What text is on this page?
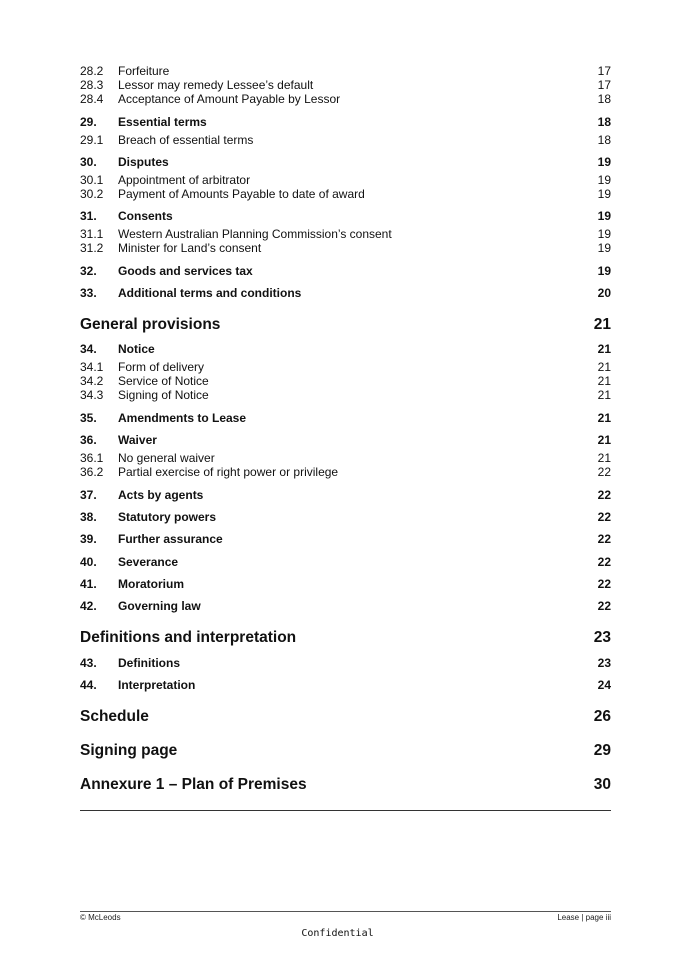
28.2 Forfeiture	17
28.3 Lessor may remedy Lessee’s default	17
28.4 Acceptance of Amount Payable by Lessor	18
29. Essential terms	18
29.1 Breach of essential terms	18
30. Disputes	19
30.1 Appointment of arbitrator	19
30.2 Payment of Amounts Payable to date of award	19
31. Consents	19
31.1 Western Australian Planning Commission’s consent	19
31.2 Minister for Land’s consent	19
32. Goods and services tax	19
33. Additional terms and conditions	20
General provisions	21
34. Notice	21
34.1 Form of delivery	21
34.2 Service of Notice	21
34.3 Signing of Notice	21
35. Amendments to Lease	21
36. Waiver	21
36.1 No general waiver	21
36.2 Partial exercise of right power or privilege	22
37. Acts by agents	22
38. Statutory powers	22
39. Further assurance	22
40. Severance	22
41. Moratorium	22
42. Governing law	22
Definitions and interpretation	23
43. Definitions	23
44. Interpretation	24
Schedule	26
Signing page	29
Annexure 1 – Plan of Premises	30
© McLeods	Lease | page iii
Confidential
